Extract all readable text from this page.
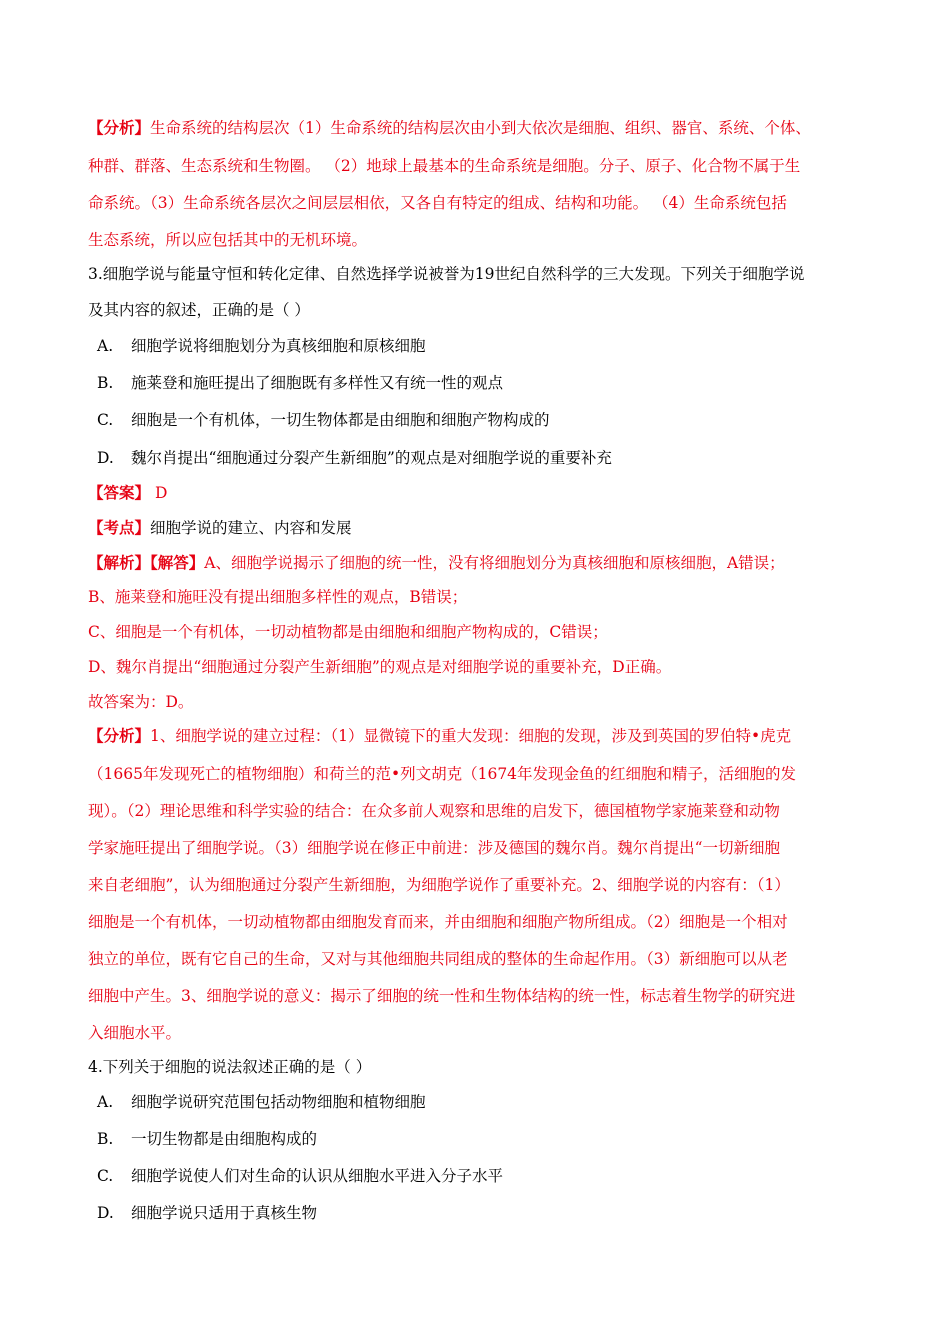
【分析】生命系统的结构层次（1）生命系统的结构层次由小到大依次是细胞、组织、器官、系统、个体、
种群、群落、生态系统和生物圈。 （2）地球上最基本的生命系统是细胞。分子、原子、化合物不属于生
命系统。（3）生命系统各层次之间层层相依，又各自有特定的组成、结构和功能。 （4）生命系统包括
生态系统，所以应包括其中的无机环境。
3.细胞学说与能量守恒和转化定律、自然选择学说被誉为19世纪自然科学的三大发现。下列关于细胞学说
及其内容的叙述，正确的是（ ）
A. 细胞学说将细胞划分为真核细胞和原核细胞
B. 施莱登和施旺提出了细胞既有多样性又有统一性的观点
C. 细胞是一个有机体，一切生物体都是由细胞和细胞产物构成的
D. 魏尔肖提出“细胞通过分裂产生新细胞”的观点是对细胞学说的重要补充
【答案】 D
【考点】细胞学说的建立、内容和发展
【解析】【解答】A、细胞学说揭示了细胞的统一性，没有将细胞划分为真核细胞和原核细胞，A错误；
B、施莱登和施旺没有提出细胞多样性的观点，B错误；
C、细胞是一个有机体，一切动植物都是由细胞和细胞产物构成的，C错误；
D、魏尔肖提出“细胞通过分裂产生新细胞”的观点是对细胞学说的重要补充，D正确。
故答案为：D。
【分析】1、细胞学说的建立过程：（1）显微镜下的重大发现：细胞的发现，涉及到英国的罗伯特•虎克
（1665年发现死亡的植物细胞）和荷兰的范•列文胡克（1674年发现金鱼的红细胞和精子，活细胞的发
现）。（2）理论思维和科学实验的结合：在众多前人观察和思维的启发下，德国植物学家施莱登和动物
学家施旺提出了细胞学说。（3）细胞学说在修正中前进：涉及德国的魏尔肖。魏尔肖提出“一切新细胞
来自老细胞”，认为细胞通过分裂产生新细胞，为细胞学说作了重要补充。2、细胞学说的内容有：（1）
细胞是一个有机体，一切动植物都由细胞发育而来，并由细胞和细胞产物所组成。（2）细胞是一个相对
独立的单位，既有它自己的生命，又对与其他细胞共同组成的整体的生命起作用。（3）新细胞可以从老
细胞中产生。3、细胞学说的意义：揭示了细胞的统一性和生物体结构的统一性，标志着生物学的研究进
入细胞水平。
4.下列关于细胞的说法叙述正确的是（ ）
A. 细胞学说研究范围包括动物细胞和植物细胞
B. 一切生物都是由细胞构成的
C. 细胞学说使人们对生命的认识从细胞水平进入分子水平
D. 细胞学说只适用于真核生物
